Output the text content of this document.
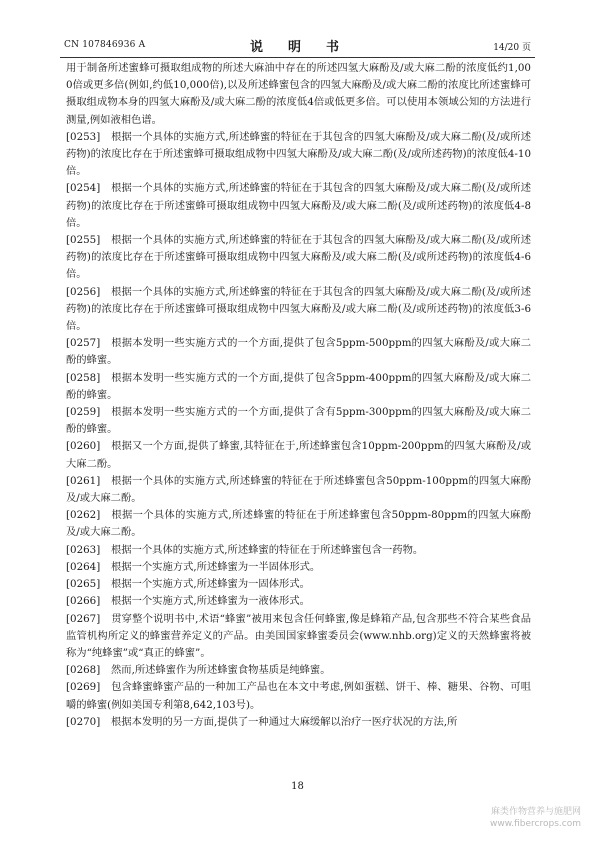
CN 107846936 A	说　明　书	14/20 页

用于制备所述蜜蜂可摄取组成物的所述大麻油中存在的所述四氢大麻酚及/或大麻二酚的浓度低约1,000倍或更多倍(例如,约低10,000倍),以及所述蜂蜜包含的四氢大麻酚及/或大麻二酚的浓度比所述蜜蜂可摄取组成物本身的四氢大麻酚及/或大麻二酚的浓度低4倍或低更多倍。可以使用本领域公知的方法进行测量,例如液相色谱。

[0253] 根据一个具体的实施方式,所述蜂蜜的特征在于其包含的四氢大麻酚及/或大麻二酚(及/或所述药物)的浓度比存在于所述蜜蜂可摄取组成物中四氢大麻酚及/或大麻二酚(及/或所述药物)的浓度低4-10倍。

[0254] 根据一个具体的实施方式,所述蜂蜜的特征在于其包含的四氢大麻酚及/或大麻二酚(及/或所述药物)的浓度比存在于所述蜜蜂可摄取组成物中四氢大麻酚及/或大麻二酚(及/或所述药物)的浓度低4-8倍。

[0255] 根据一个具体的实施方式,所述蜂蜜的特征在于其包含的四氢大麻酚及/或大麻二酚(及/或所述药物)的浓度比存在于所述蜜蜂可摄取组成物中四氢大麻酚及/或大麻二酚(及/或所述药物)的浓度低4-6倍。

[0256] 根据一个具体的实施方式,所述蜂蜜的特征在于其包含的四氢大麻酚及/或大麻二酚(及/或所述药物)的浓度比存在于所述蜜蜂可摄取组成物中四氢大麻酚及/或大麻二酚(及/或所述药物)的浓度低3-6倍。

[0257] 根据本发明一些实施方式的一个方面,提供了包含5ppm-500ppm的四氢大麻酚及/或大麻二酚的蜂蜜。

[0258] 根据本发明一些实施方式的一个方面,提供了包含5ppm-400ppm的四氢大麻酚及/或大麻二酚的蜂蜜。

[0259] 根据本发明一些实施方式的一个方面,提供了含有5ppm-300ppm的四氢大麻酚及/或大麻二酚的蜂蜜。

[0260] 根据又一个方面,提供了蜂蜜,其特征在于,所述蜂蜜包含10ppm-200ppm的四氢大麻酚及/或大麻二酚。

[0261] 根据一个具体的实施方式,所述蜂蜜的特征在于所述蜂蜜包含50ppm-100ppm的四氢大麻酚及/或大麻二酚。

[0262] 根据一个具体的实施方式,所述蜂蜜的特征在于所述蜂蜜包含50ppm-80ppm的四氢大麻酚及/或大麻二酚。

[0263] 根据一个具体的实施方式,所述蜂蜜的特征在于所述蜂蜜包含一药物。

[0264] 根据一个实施方式,所述蜂蜜为一半固体形式。

[0265] 根据一个实施方式,所述蜂蜜为一固体形式。

[0266] 根据一个实施方式,所述蜂蜜为一液体形式。

[0267] 贯穿整个说明书中,术语“蜂蜜”被用来包含任何蜂蜜,像是蜂箱产品,包含那些不符合某些食品监管机构所定义的蜂蜜营养定义的产品。由美国国家蜂蜜委员会(www.nhb.org)定义的天然蜂蜜将被称为“纯蜂蜜”或“真正的蜂蜜”。

[0268] 然而,所述蜂蜜作为所述蜂蜜食物基质是纯蜂蜜。

[0269] 包含蜂蜜蜂蜜产品的一种加工产品也在本文中考虑,例如蛋糕、饼干、棒、糖果、谷物、可咀嚼的蜂蜜(例如美国专利第8,642,103号)。

[0270] 根据本发明的另一方面,提供了一种通过大麻缓解以治疗一医疗状况的方法,所

18
麻类作物营养与施肥网
www.fibercrops.com
